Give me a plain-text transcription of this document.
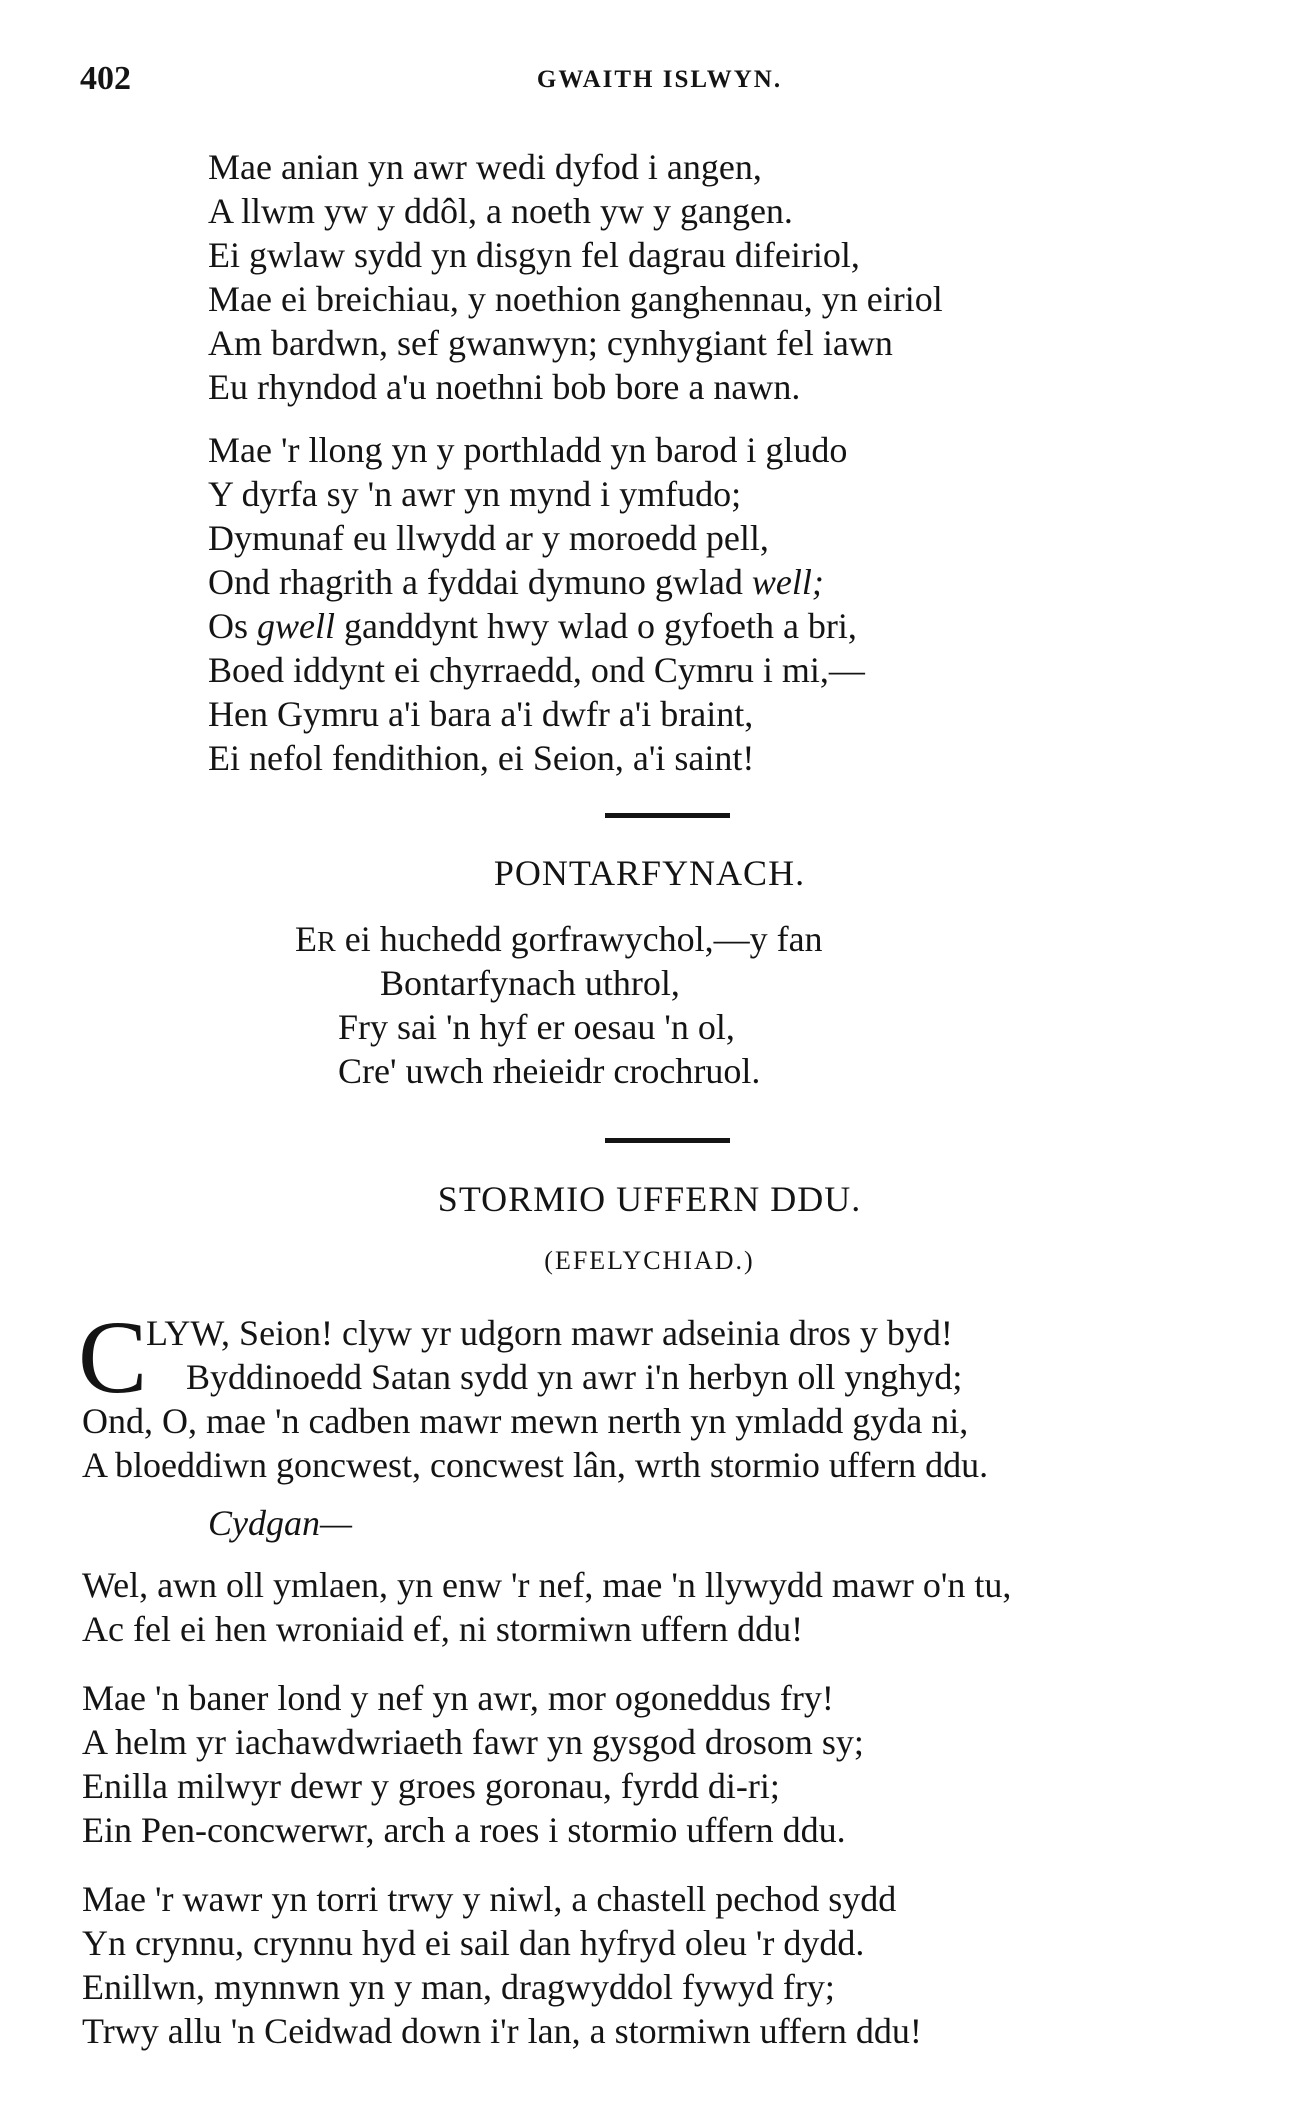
402	GWAITH ISLWYN.
Mae anian yn awr wedi dyfod i angen,
A llwm yw y ddôl, a noeth yw y gangen.
Ei gwlaw sydd yn disgyn fel dagrau difeiriol,
Mae ei breichiau, y noethion ganghennau, yn eiriol
Am bardwn, sef gwanwyn; cynhygiant fel iawn
Eu rhyndod a'u noethni bob bore a nawn.
Mae 'r llong yn y porthladd yn barod i gludo
Y dyrfa sy 'n awr yn mynd i ymfudo;
Dymunaf eu llwydd ar y moroedd pell,
Ond rhagrith a fyddai dymuno gwlad well;
Os gwell ganddynt hwy wlad o gyfoeth a bri,
Boed iddynt ei chyrraedd, ond Cymru i mi,—
Hen Gymru a'i bara a'i dwfr a'i braint,
Ei nefol fendithion, ei Seion, a'i saint!
PONTARFYNACH.
ER ei huchedd gorfrawychol,—y fan
Bontarfynach uthrol,
Fry sai 'n hyf er oesau 'n ol,
Cre' uwch rheieidr crochruol.
STORMIO UFFERN DDU.
(EFELYCHIAD.)
C
LYW, Seion! clyw yr udgorn mawr adseinia dros y byd!
Byddinoedd Satan sydd yn awr i'n herbyn oll ynghyd;
Ond, O, mae 'n cadben mawr mewn nerth yn ymladd gyda ni,
A bloeddiwn goncwest, concwest lân, wrth stormio uffern ddu.
Cydgan—
Wel, awn oll ymlaen, yn enw 'r nef, mae 'n llywydd mawr o'n tu,
Ac fel ei hen wroniaid ef, ni stormiwn uffern ddu!
Mae 'n baner lond y nef yn awr, mor ogoneddus fry!
A helm yr iachawdwriaeth fawr yn gysgod drosom sy;
Enilla milwyr dewr y groes goronau, fyrdd di-ri;
Ein Pen-concwerwr, arch a roes i stormio uffern ddu.
Mae 'r wawr yn torri trwy y niwl, a chastell pechod sydd
Yn crynnu, crynnu hyd ei sail dan hyfryd oleu 'r dydd.
Enillwn, mynnwn yn y man, dragwyddol fywyd fry;
Trwy allu 'n Ceidwad down i'r lan, a stormiwn uffern ddu!
